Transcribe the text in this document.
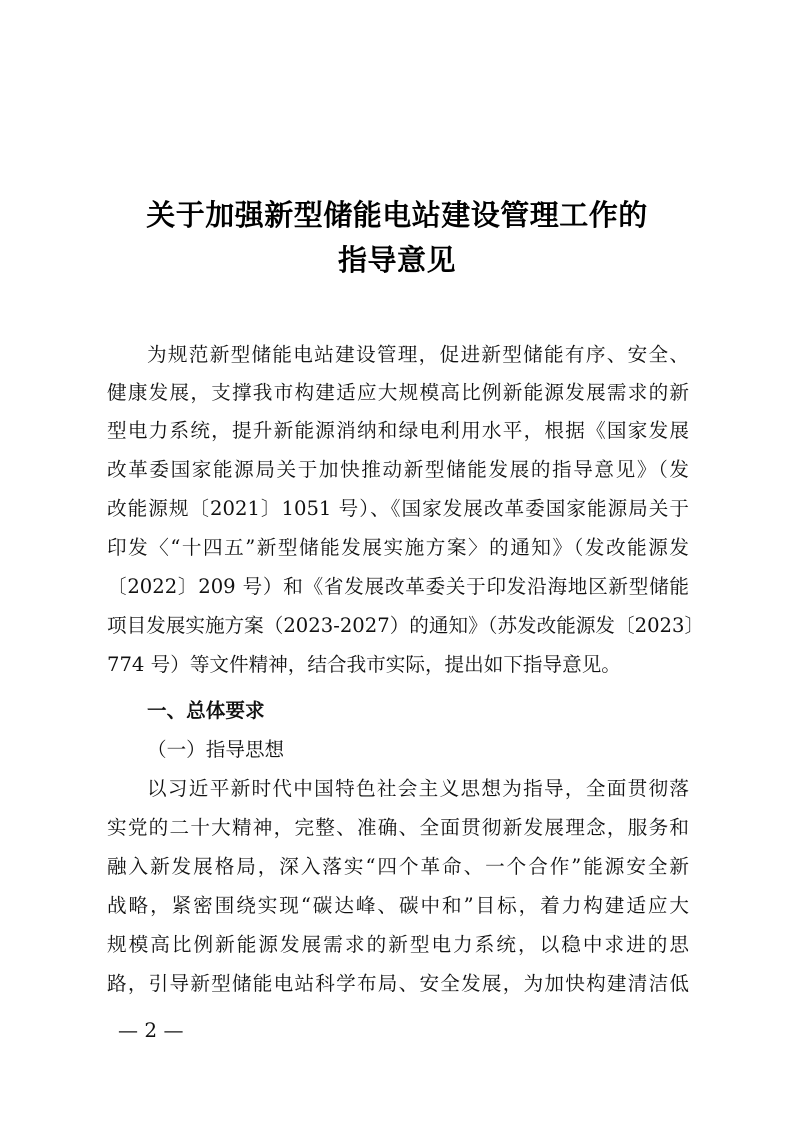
关于加强新型储能电站建设管理工作的
指导意见
为规范新型储能电站建设管理，促进新型储能有序、安全、
健康发展，支撑我市构建适应大规模高比例新能源发展需求的新
型电力系统，提升新能源消纳和绿电利用水平，根据《国家发展
改革委国家能源局关于加快推动新型储能发展的指导意见》（发
改能源规〔2021〕1051 号）、《国家发展改革委国家能源局关于
印发〈“十四五”新型储能发展实施方案〉的通知》（发改能源发
〔2022〕209 号）和《省发展改革委关于印发沿海地区新型储能
项目发展实施方案（2023-2027）的通知》（苏发改能源发〔2023〕
774 号）等文件精神，结合我市实际，提出如下指导意见。
一、总体要求
（一）指导思想
以习近平新时代中国特色社会主义思想为指导，全面贯彻落
实党的二十大精神，完整、准确、全面贯彻新发展理念，服务和
融入新发展格局，深入落实“四个革命、一个合作”能源安全新
战略，紧密围绕实现“碳达峰、碳中和”目标，着力构建适应大
规模高比例新能源发展需求的新型电力系统，以稳中求进的思
路，引导新型储能电站科学布局、安全发展，为加快构建清洁低
— 2 —
